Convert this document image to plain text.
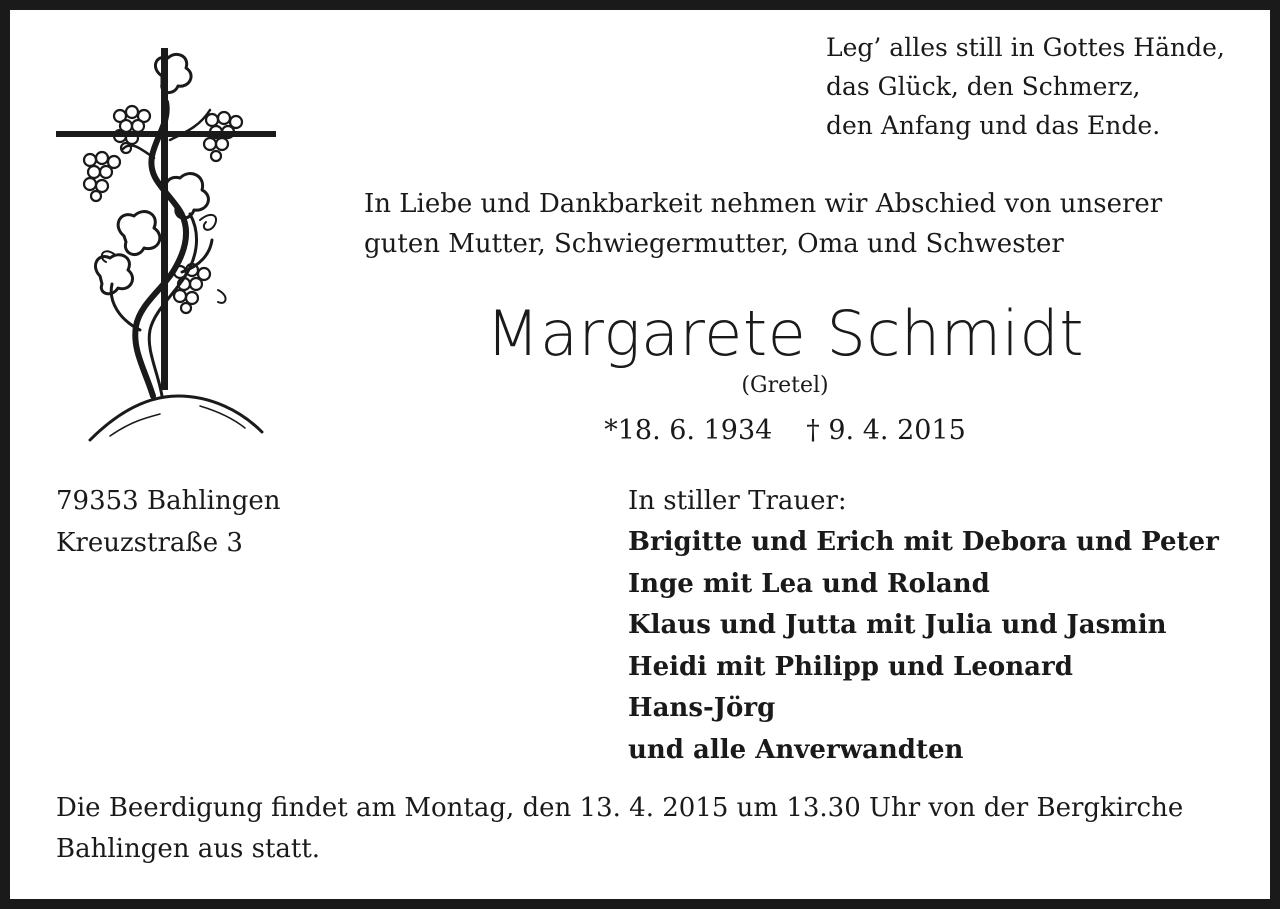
Leg’ alles still in Gottes Hände,
das Glück, den Schmerz,
den Anfang und das Ende.
In Liebe und Dankbarkeit nehmen wir Abschied von unserer
guten Mutter, Schwiegermutter, Oma und Schwester
Margarete Schmidt
(Gretel)
*18. 6. 1934 † 9. 4. 2015
79353 Bahlingen
Kreuzstraße 3
In stiller Trauer:
Brigitte und Erich mit Debora und Peter
Inge mit Lea und Roland
Klaus und Jutta mit Julia und Jasmin
Heidi mit Philipp und Leonard
Hans-Jörg
und alle Anverwandten
Die Beerdigung findet am Montag, den 13. 4. 2015 um 13.30 Uhr von der Bergkirche
Bahlingen aus statt.
